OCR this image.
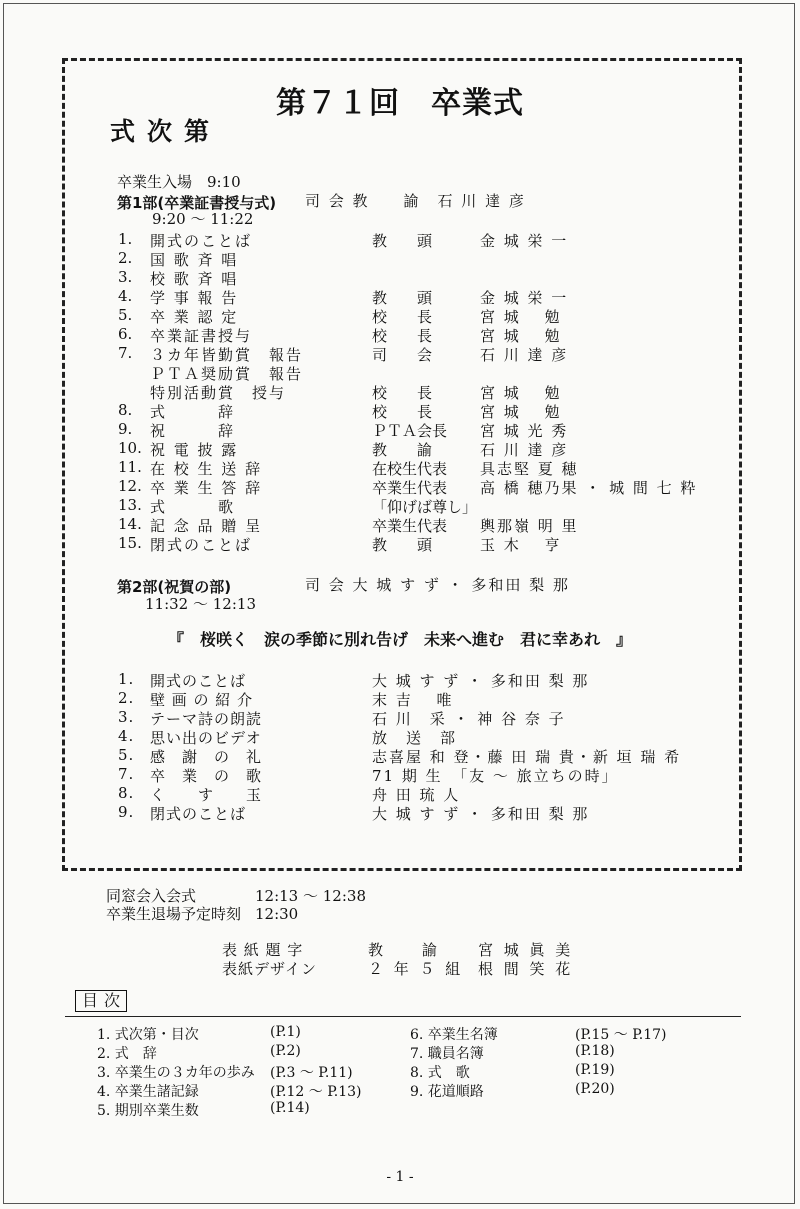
第７１回　卒業式
式次第
卒業生入場　9:10
第1部(卒業証書授与式) 司 会 教　　諭　石 川 達 彦
9:20 ～ 11:22
1. 開式のことば	教　　頭	金 城 栄 一
2. 国 歌 斉 唱
3. 校 歌 斉 唱
4. 学 事 報 告	教　　頭	金 城 栄 一
5. 卒 業 認 定	校　　長	宮 城　 勉
6. 卒業証書授与	校　　長	宮 城　 勉
7. ３カ年皆勤賞　報告	司　　会	石 川 達 彦
ＰＴＡ奨励賞　報告
特別活動賞　授与	校　　長	宮 城　 勉
8. 式　　　辞	校　　長	宮 城　 勉
9. 祝　　　辞	ＰＴＡ会長 宮 城 光 秀
10. 祝 電 披 露	教　　諭	石 川 達 彦
11. 在 校 生 送 辞	在校生代表 具志堅 夏 穂
12. 卒 業 生 答 辞	卒業生代表 高 橋 穂乃果 ・ 城 間 七 粋
13. 式　　　歌	「仰げば尊し」
14. 記 念 品 贈 呈	卒業生代表 輿那嶺 明 里
15. 閉式のことば	教　　頭	玉 木　 亨
第2部(祝賀の部)	司 会 大 城 す ず ・ 多和田 梨 那
11:32 ～ 12:13
『　桜咲く　涙の季節に別れ告げ　未来へ進む　君に幸あれ　』
1. 開式のことば	大 城 す ず ・ 多和田 梨 那
2. 壁 画 の 紹 介	末 吉　 唯
3. テーマ詩の朗読	石 川　采 ・ 神 谷 奈 子
4. 思い出のビデオ	放　送　部
5. 感　謝　の　礼	志喜屋 和 登・藤 田 瑞 貴・新 垣 瑞 希
7. 卒　業　の　歌	71 期 生　「友 ～ 旅立ちの時」
8. く　　す　　玉	舟 田 琉 人
9. 閉式のことば	大 城 す ず ・ 多和田 梨 那
同窓会入会式	12:13 ～ 12:38
卒業生退場予定時刻 12:30
表 紙 題 字	教　　諭	宮 城 眞 美
表紙デザイン	２ 年 ５ 組 根 間 笑 花
目次
1. 式次第・目次	(P.1)
2. 式　辞	(P.2)
3. 卒業生の３カ年の歩み (P.3 ～ P.11)
4. 卒業生諸記録	(P.12 ～ P.13)
5. 期別卒業生数	(P.14)
6. 卒業生名簿	(P.15 ～ P.17)
7. 職員名簿	(P.18)
8. 式　歌	(P.19)
9. 花道順路	(P.20)
- 1 -
